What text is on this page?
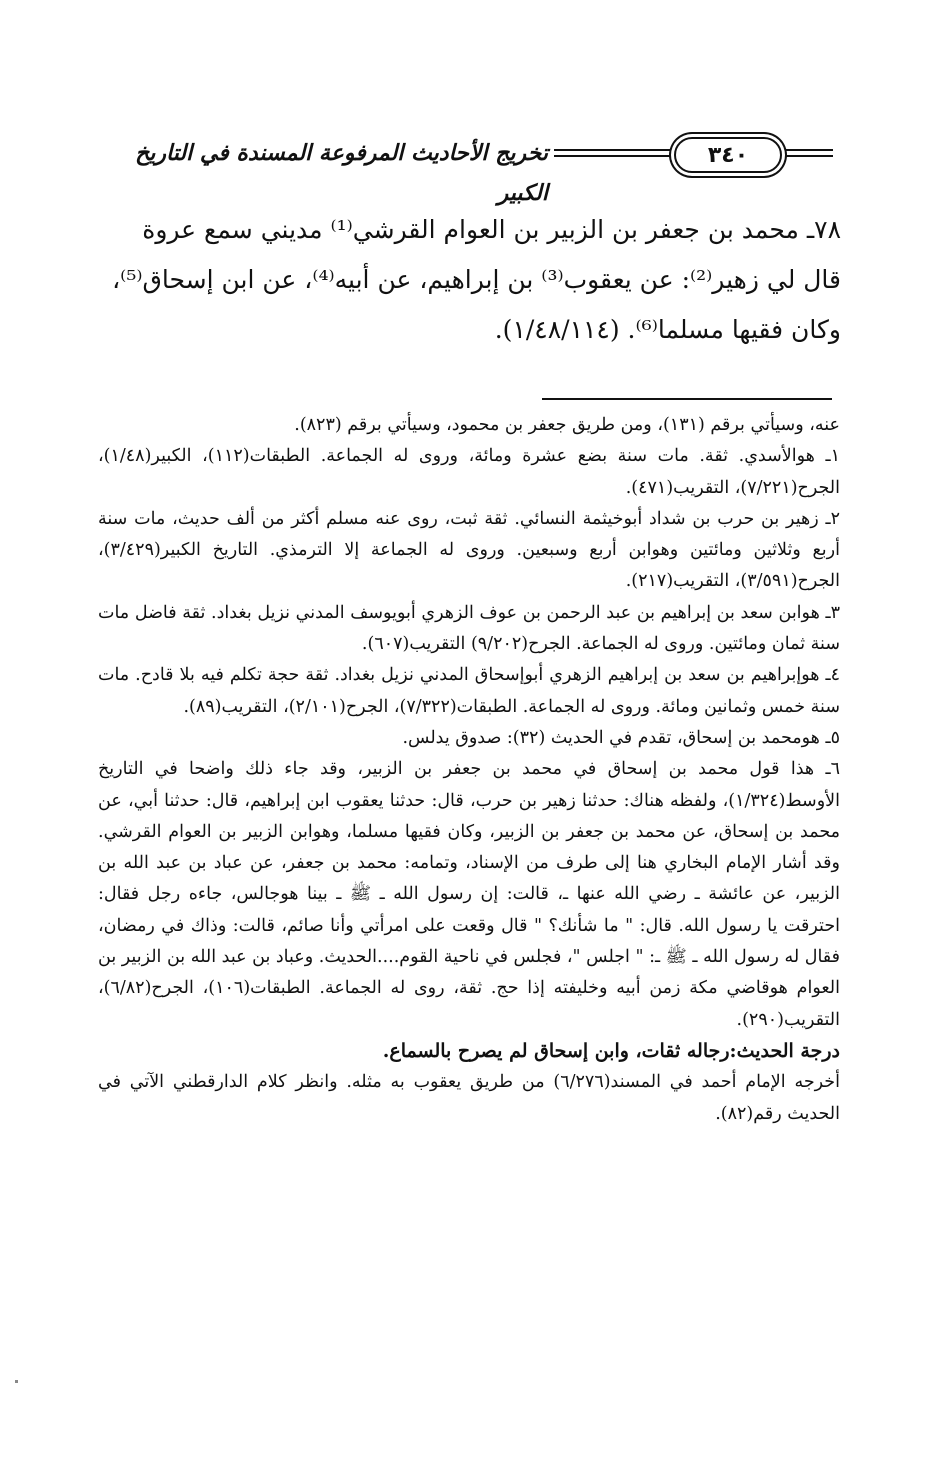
٣٤٠
تخريج الأحاديث المرفوعة المسندة في التاريخ الكبير

٧٨ـ محمد بن جعفر بن الزبير بن العوام القرشي⁽¹⁾ مديني سمع عروة

قال لي زهير⁽²⁾: عن يعقوب⁽³⁾ بن إبراهيم، عن أبيه⁽⁴⁾، عن ابن إسحاق⁽⁵⁾،

وكان فقيها مسلما⁽⁶⁾. (١/٤٨/١١٤).

عنه، وسيأتي برقم (١٣١)، ومن طريق جعفر بن محمود، وسيأتي برقم (٨٢٣).

١ـ هوالأسدي. ثقة. مات سنة بضع عشرة ومائة، وروى له الجماعة. الطبقات(١١٢)، الكبير(١/٤٨)، الجرح(٧/٢٢١)، التقريب(٤٧١).

٢ـ زهير بن حرب بن شداد أبوخيثمة النسائي. ثقة ثبت، روى عنه مسلم أكثر من ألف حديث، مات سنة أربع وثلاثين ومائتين وهوابن أربع وسبعين. وروى له الجماعة إلا الترمذي. التاريخ الكبير(٣/٤٢٩)، الجرح(٣/٥٩١)، التقريب(٢١٧).

٣ـ هوابن سعد بن إبراهيم بن عبد الرحمن بن عوف الزهري أبويوسف المدني نزيل بغداد. ثقة فاضل مات سنة ثمان ومائتين. وروى له الجماعة. الجرح(٩/٢٠٢) التقريب(٦٠٧).

٤ـ هوإبراهيم بن سعد بن إبراهيم الزهري أبوإسحاق المدني نزيل بغداد. ثقة حجة تكلم فيه بلا قادح. مات سنة خمس وثمانين ومائة. وروى له الجماعة. الطبقات(٧/٣٢٢)، الجرح(٢/١٠١)، التقريب(٨٩).

٥ـ هومحمد بن إسحاق، تقدم في الحديث (٣٢): صدوق يدلس.

٦ـ هذا قول محمد بن إسحاق في محمد بن جعفر بن الزبير، وقد جاء ذلك واضحا في التاريخ الأوسط(١/٣٢٤)، ولفظه هناك: حدثنا زهير بن حرب، قال: حدثنا يعقوب ابن إبراهيم، قال: حدثنا أبي، عن محمد بن إسحاق، عن محمد بن جعفر بن الزبير، وكان فقيها مسلما، وهوابن الزبير بن العوام القرشي. وقد أشار الإمام البخاري هنا إلى طرف من الإسناد، وتمامه: محمد بن جعفر، عن عباد بن عبد الله بن الزبير، عن عائشة ـ رضي الله عنها ـ، قالت: إن رسول الله ـ ﷺ ـ بينا هوجالس، جاءه رجل فقال: احترقت يا رسول الله. قال: " ما شأنك؟ " قال وقعت على امرأتي وأنا صائم، قالت: وذاك في رمضان، فقال له رسول الله ـ ﷺ ـ: " اجلس "، فجلس في ناحية القوم....الحديث. وعباد بن عبد الله بن الزبير بن العوام هوقاضي مكة زمن أبيه وخليفته إذا حج. ثقة، روى له الجماعة. الطبقات(١٠٦)، الجرح(٦/٨٢)، التقريب(٢٩٠).

درجة الحديث:رجاله ثقات، وابن إسحاق لم يصرح بالسماع.

أخرجه الإمام أحمد في المسند(٦/٢٧٦) من طريق يعقوب به مثله. وانظر كلام الدارقطني الآتي في الحديث رقم(٨٢).
